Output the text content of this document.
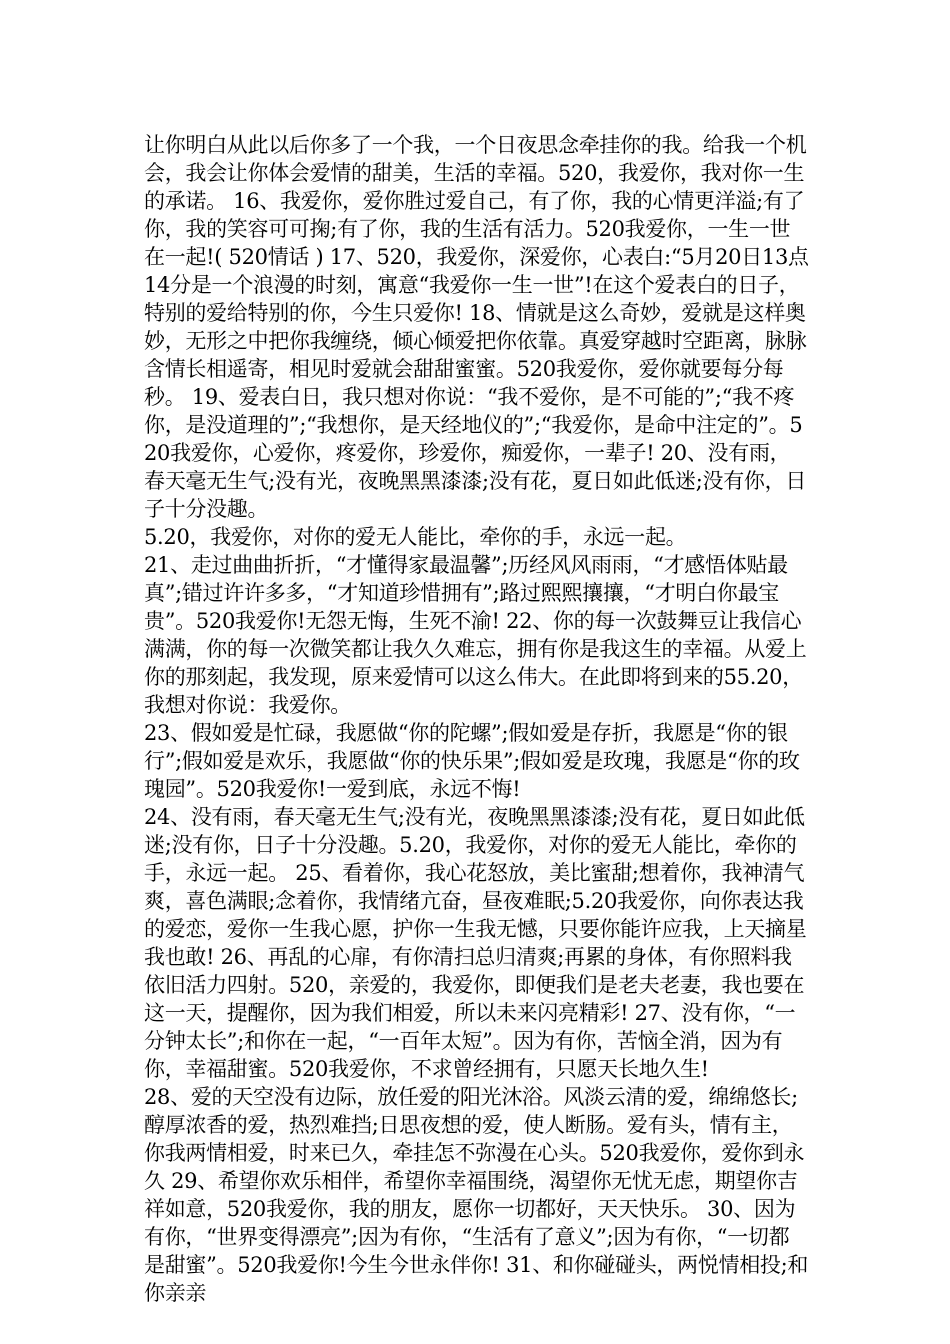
让你明白从此以后你多了一个我，一个日夜思念牵挂你的我。给我一个机会，我会让你体会爱情的甜美，生活的幸福。520，我爱你，我对你一生的承诺。 16、我爱你，爱你胜过爱自己，有了你，我的心情更洋溢;有了你，我的笑容可可掬;有了你，我的生活有活力。520我爱你，一生一世在一起!( 520情话 ) 17、520，我爱你，深爱你，心表白:“5月20日13点14分是一个浪漫的时刻，寓意“我爱你一生一世”!在这个爱表白的日子，特别的爱给特别的你，今生只爱你! 18、情就是这么奇妙，爱就是这样奥妙，无形之中把你我缠绕，倾心倾爱把你依靠。真爱穿越时空距离，脉脉含情长相遥寄，相见时爱就会甜甜蜜蜜。520我爱你，爱你就要每分每秒。 19、爱表白日，我只想对你说：“我不爱你，是不可能的”;“我不疼你，是没道理的”;“我想你，是天经地仪的”;“我爱你，是命中注定的”。520我爱你，心爱你，疼爱你，珍爱你，痴爱你，一辈子! 20、没有雨，春天毫无生气;没有光，夜晚黑黑漆漆;没有花，夏日如此低迷;没有你，日子十分没趣。
5.20，我爱你，对你的爱无人能比，牵你的手，永远一起。
21、走过曲曲折折，“才懂得家最温馨”;历经风风雨雨，“才感悟体贴最真”;错过许许多多，“才知道珍惜拥有”;路过熙熙攘攘，“才明白你最宝贵”。520我爱你!无怨无悔，生死不渝! 22、你的每一次鼓舞豆让我信心满满，你的每一次微笑都让我久久难忘，拥有你是我这生的幸福。从爱上你的那刻起，我发现，原来爱情可以这么伟大。在此即将到来的55.20，我想对你说：我爱你。
23、假如爱是忙碌，我愿做“你的陀螺”;假如爱是存折，我愿是“你的银行”;假如爱是欢乐，我愿做“你的快乐果”;假如爱是玫瑰，我愿是“你的玫瑰园”。520我爱你!一爱到底，永远不悔!
24、没有雨，春天毫无生气;没有光，夜晚黑黑漆漆;没有花，夏日如此低迷;没有你，日子十分没趣。5.20，我爱你，对你的爱无人能比，牵你的手，永远一起。 25、看着你，我心花怒放，美比蜜甜;想着你，我神清气爽，喜色满眼;念着你，我情绪亢奋，昼夜难眠;5.20我爱你，向你表达我的爱恋，爱你一生我心愿，护你一生我无憾，只要你能许应我，上天摘星我也敢! 26、再乱的心扉，有你清扫总归清爽;再累的身体，有你照料我依旧活力四射。520，亲爱的，我爱你，即便我们是老夫老妻，我也要在这一天，提醒你，因为我们相爱，所以未来闪亮精彩! 27、没有你，“一分钟太长”;和你在一起，“一百年太短”。因为有你，苦恼全消，因为有你，幸福甜蜜。520我爱你，不求曾经拥有，只愿天长地久生!
28、爱的天空没有边际，放任爱的阳光沐浴。风淡云清的爱，绵绵悠长;醇厚浓香的爱，热烈难挡;日思夜想的爱，使人断肠。爱有头，情有主，你我两情相爱，时来已久，牵挂怎不弥漫在心头。520我爱你，爱你到永久 29、希望你欢乐相伴，希望你幸福围绕，渴望你无忧无虑，期望你吉祥如意，520我爱你，我的朋友，愿你一切都好，天天快乐。 30、因为有你，“世界变得漂亮”;因为有你，“生活有了意义”;因为有你，“一切都是甜蜜”。520我爱你!今生今世永伴你! 31、和你碰碰头，两悦情相投;和你亲亲
